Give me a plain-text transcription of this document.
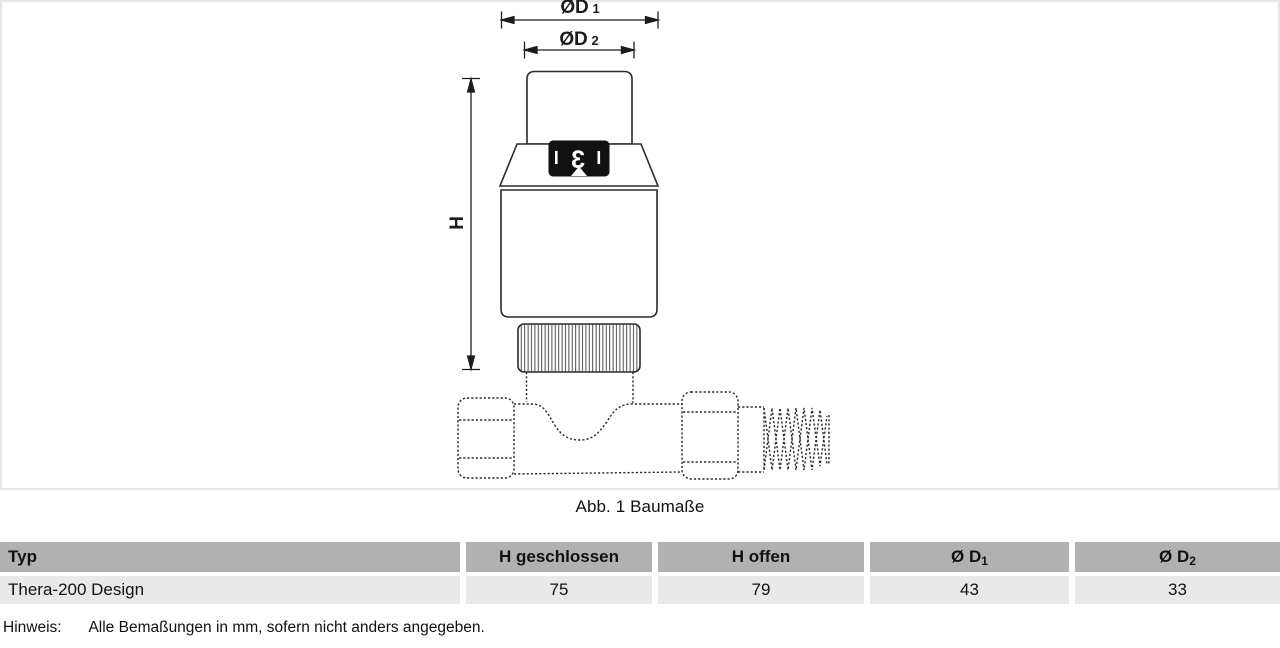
ØD 1
ØD 2
H
3
Abb. 1 Baumaße
Typ	H geschlossen	H offen	Ø $D_1$	Ø $D_2$
Thera-200 Design	75	79	43	33
Hinweis: Alle Bemaßungen in mm, sofern nicht anders angegeben.
